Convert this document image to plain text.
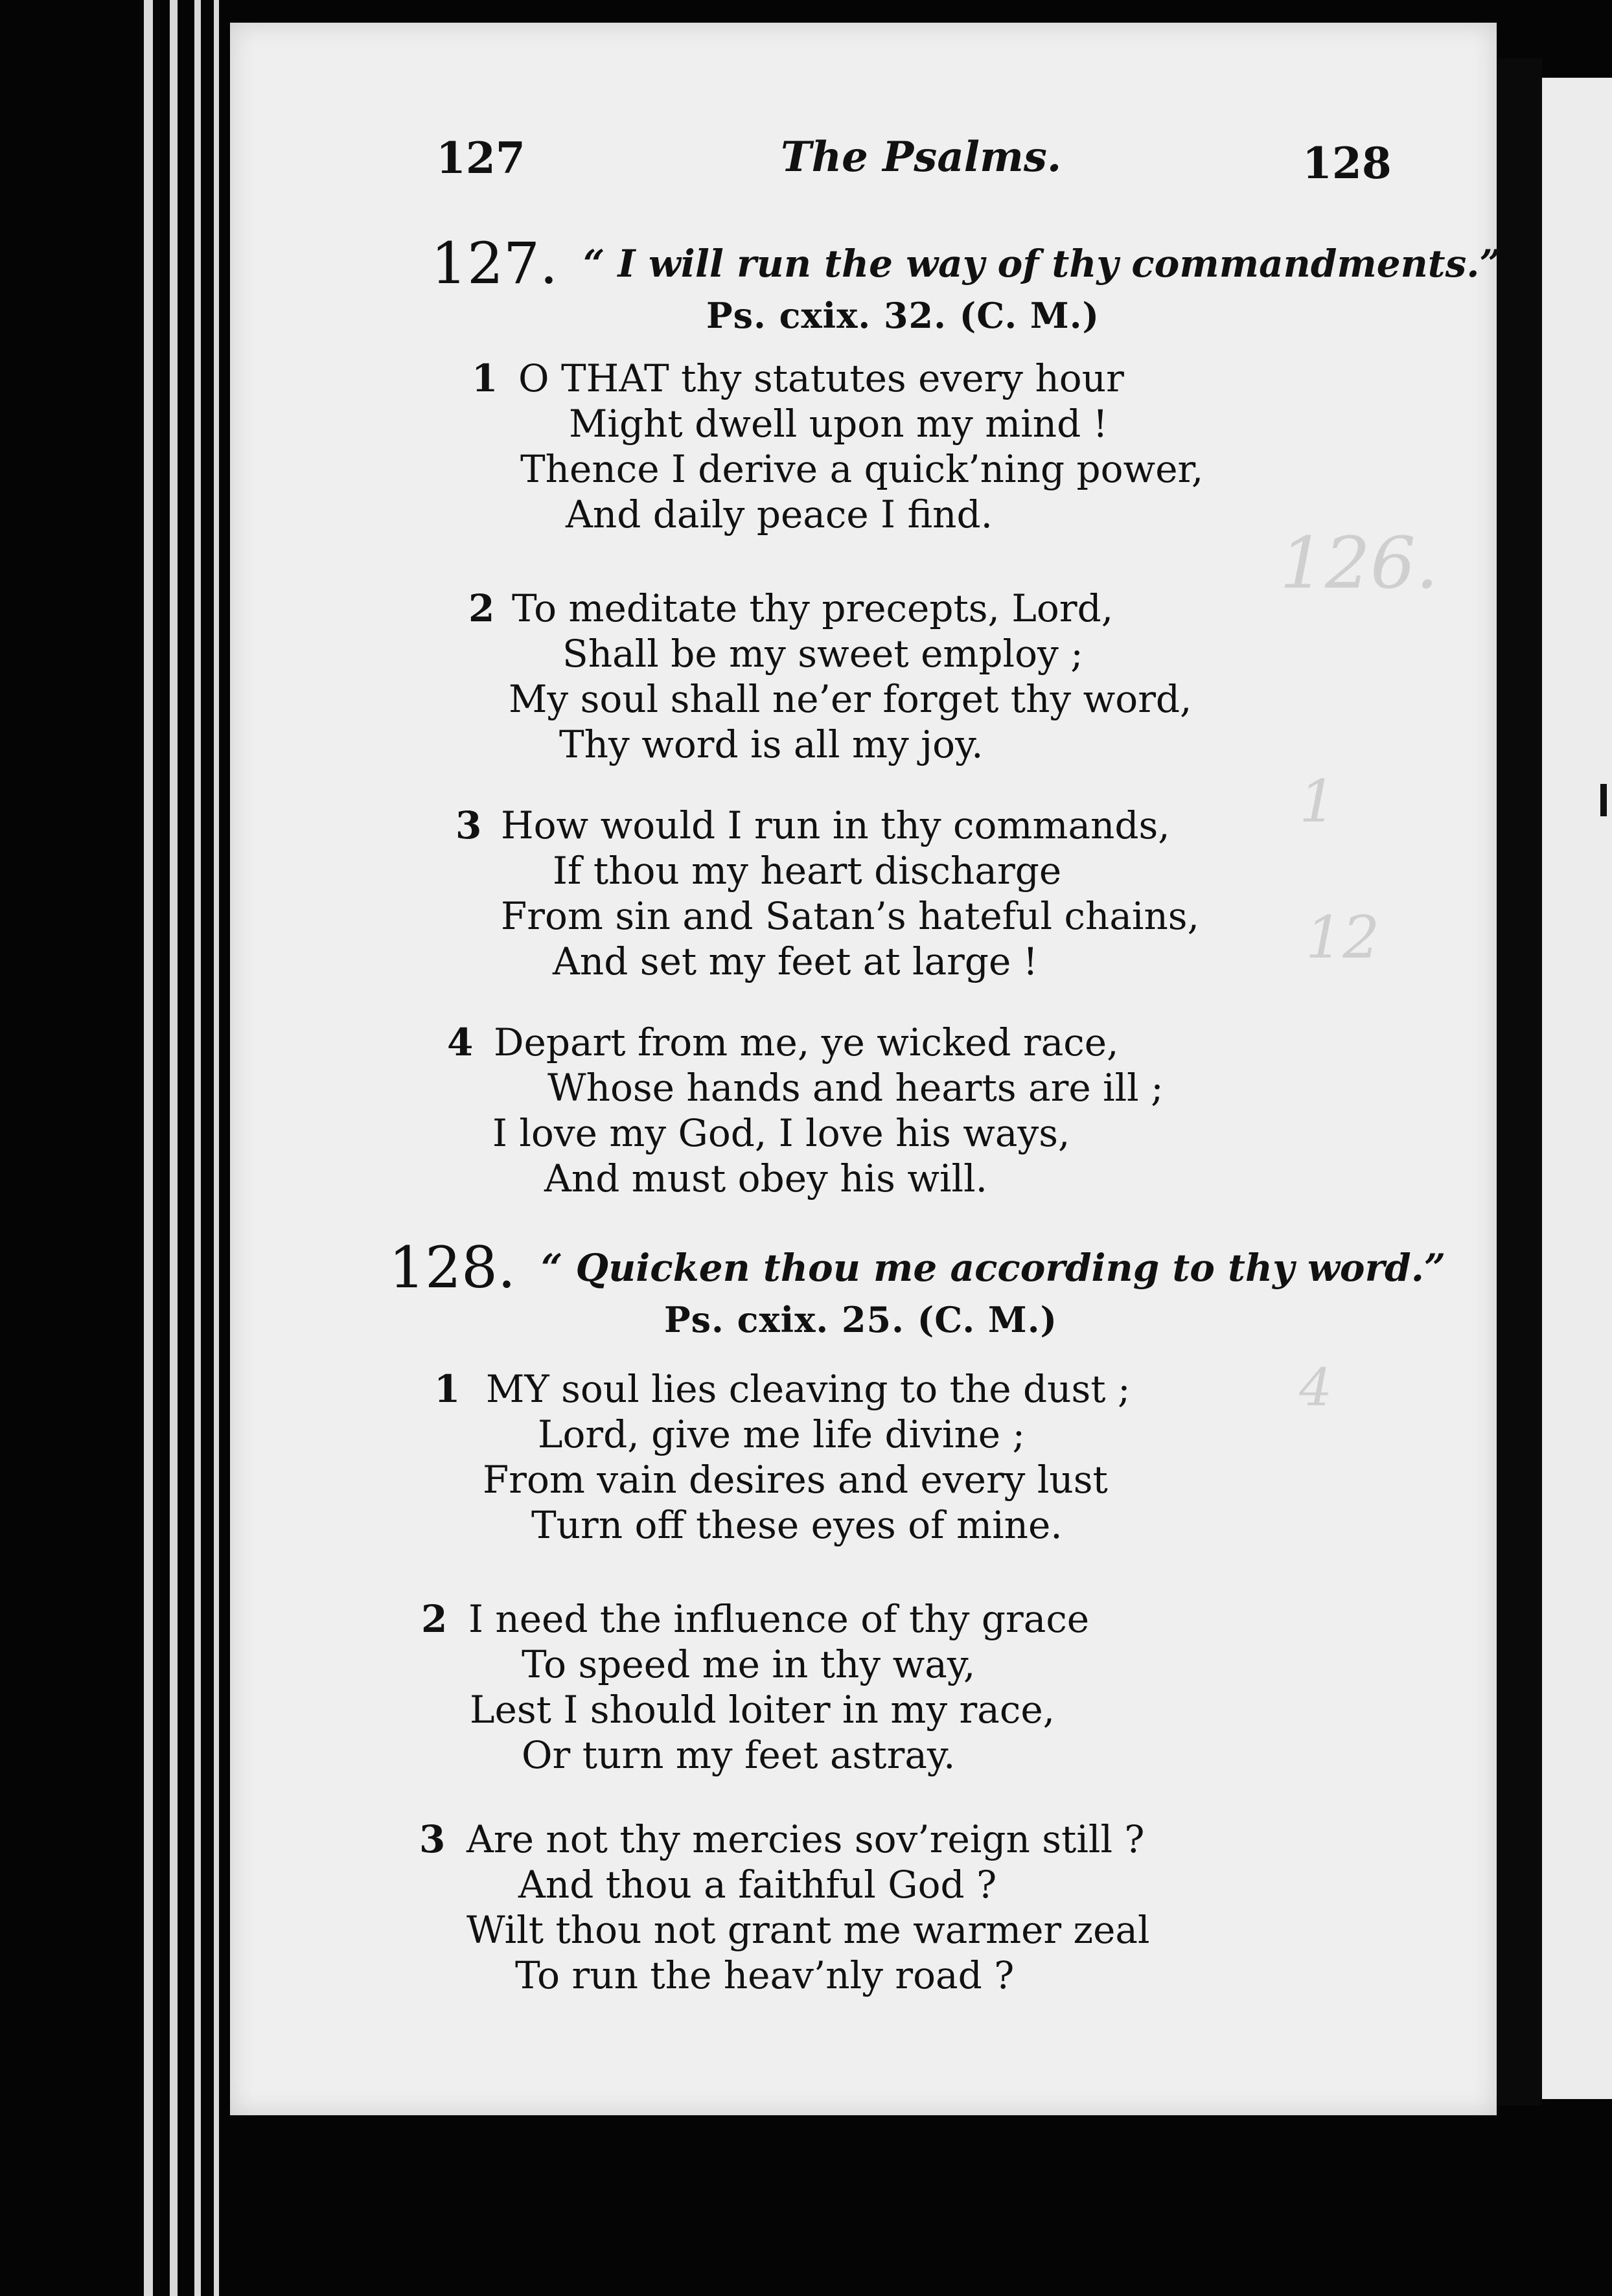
126.
1
12
4
127	The Psalms.	128
127. “ I will run the way of thy commandments.”
Ps. cxix. 32. (C. M.)
1 O THAT thy statutes every hour
Might dwell upon my mind !
Thence I derive a quick’ning power,
And daily peace I find.
2 To meditate thy precepts, Lord,
Shall be my sweet employ ;
My soul shall ne’er forget thy word,
Thy word is all my joy.
3 How would I run in thy commands,
If thou my heart discharge
From sin and Satan’s hateful chains,
And set my feet at large !
4 Depart from me, ye wicked race,
Whose hands and hearts are ill ;
I love my God, I love his ways,
And must obey his will.
128. “ Quicken thou me according to thy word.”
Ps. cxix. 25. (C. M.)
1 MY soul lies cleaving to the dust ;
Lord, give me life divine ;
From vain desires and every lust
Turn off these eyes of mine.
2 I need the influence of thy grace
To speed me in thy way,
Lest I should loiter in my race,
Or turn my feet astray.
3 Are not thy mercies sov’reign still ?
And thou a faithful God ?
Wilt thou not grant me warmer zeal
To run the heav’nly road ?
